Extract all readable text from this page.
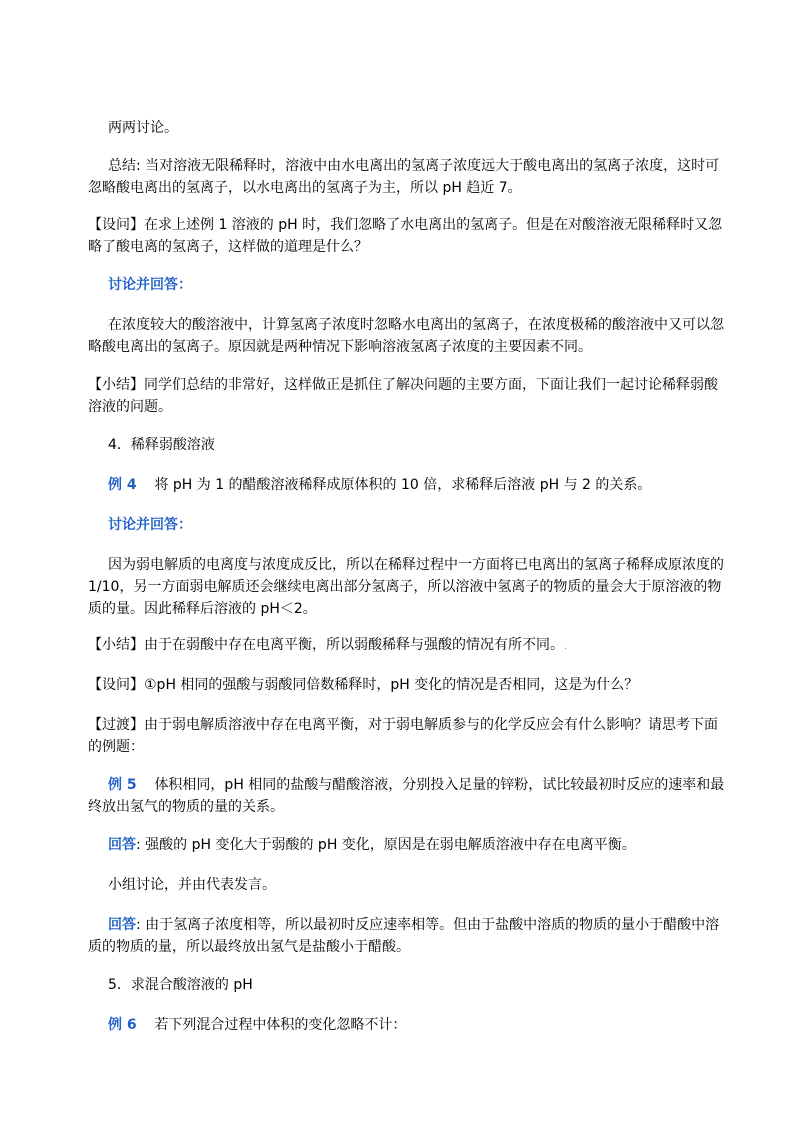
两两讨论。

总结: 当对溶液无限稀释时，溶液中由水电离出的氢离子浓度远大于酸电离出的氢离子浓度，这时可忽略酸电离出的氢离子，以水电离出的氢离子为主，所以 pH 趋近 7。

【设问】在求上述例 1 溶液的 pH 时，我们忽略了水电离出的氢离子。但是在对酸溶液无限稀释时又忽略了酸电离的氢离子，这样做的道理是什么？

讨论并回答：

在浓度较大的酸溶液中，计算氢离子浓度时忽略水电离出的氢离子，在浓度极稀的酸溶液中又可以忽略酸电离出的氢离子。原因就是两种情况下影响溶液氢离子浓度的主要因素不同。

【小结】同学们总结的非常好，这样做正是抓住了解决问题的主要方面，下面让我们一起讨论稀释弱酸溶液的问题。

4．稀释弱酸溶液

例 4 将 pH 为 1 的醋酸溶液稀释成原体积的 10 倍，求稀释后溶液 pH 与 2 的关系。

讨论并回答：

因为弱电解质的电离度与浓度成反比，所以在稀释过程中一方面将已电离出的氢离子稀释成原浓度的 1/10，另一方面弱电解质还会继续电离出部分氢离子，所以溶液中氢离子的物质的量会大于原溶液的物质的量。因此稀释后溶液的 pH＜2。

【小结】由于在弱酸中存在电离平衡，所以弱酸稀释与强酸的情况有所不同。.

【设问】①pH 相同的强酸与弱酸同倍数稀释时，pH 变化的情况是否相同，这是为什么？

【过渡】由于弱电解质溶液中存在电离平衡，对于弱电解质参与的化学反应会有什么影响？请思考下面的例题：

例 5 体积相同，pH 相同的盐酸与醋酸溶液，分别投入足量的锌粉，试比较最初时反应的速率和最终放出氢气的物质的量的关系。

回答: 强酸的 pH 变化大于弱酸的 pH 变化，原因是在弱电解质溶液中存在电离平衡。

小组讨论，并由代表发言。

回答: 由于氢离子浓度相等，所以最初时反应速率相等。但由于盐酸中溶质的物质的量小于醋酸中溶质的物质的量，所以最终放出氢气是盐酸小于醋酸。

5．求混合酸溶液的 pH

例 6 若下列混合过程中体积的变化忽略不计：
